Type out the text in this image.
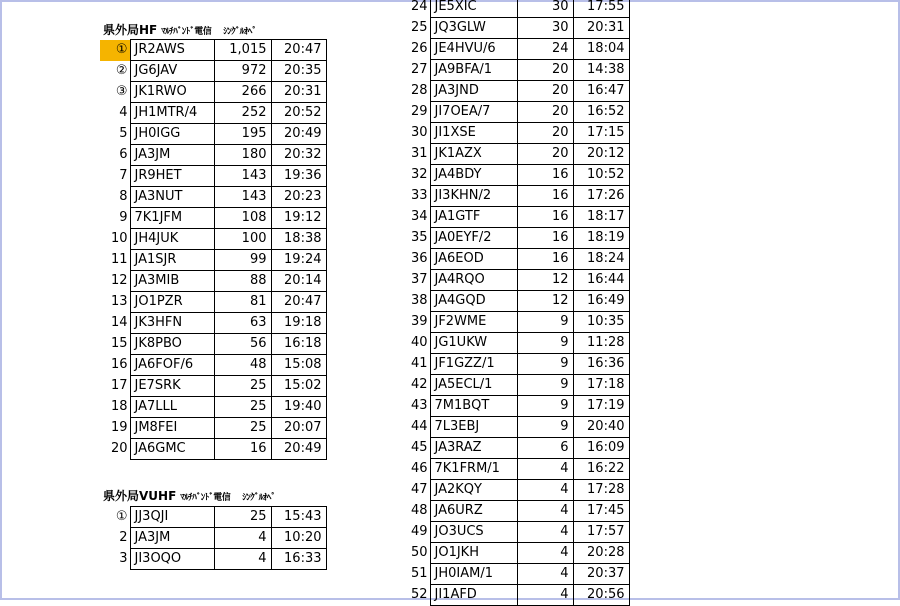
県外局HF ﾏﾙﾁﾊﾞﾝﾄﾞ電信 ｼﾝｸﾞﾙｵﾍﾟ
①	JR2AWS	1,015	20:47
②	JG6JAV	972	20:35
③	JK1RWO	266	20:31
4	JH1MTR/4	252	20:52
5	JH0IGG	195	20:49
6	JA3JM	180	20:32
7	JR9HET	143	19:36
8	JA3NUT	143	20:23
9	7K1JFM	108	19:12
10	JH4JUK	100	18:38
11	JA1SJR	99	19:24
12	JA3MIB	88	20:14
13	JO1PZR	81	20:47
14	JK3HFN	63	19:18
15	JK8PBO	56	16:18
16	JA6FOF/6	48	15:08
17	JE7SRK	25	15:02
18	JA7LLL	25	19:40
19	JM8FEI	25	20:07
20	JA6GMC	16	20:49
県外局VUHF ﾏﾙﾁﾊﾞﾝﾄﾞ電信 ｼﾝｸﾞﾙｵﾍﾟ
①	JJ3QJI	25	15:43
2	JA3JM	4	10:20
3	JI3OQO	4	16:33
24	JE5XIC	30	17:55
25	JQ3GLW	30	20:31
26	JE4HVU/6	24	18:04
27	JA9BFA/1	20	14:38
28	JA3JND	20	16:47
29	JI7OEA/7	20	16:52
30	JI1XSE	20	17:15
31	JK1AZX	20	20:12
32	JA4BDY	16	10:52
33	JI3KHN/2	16	17:26
34	JA1GTF	16	18:17
35	JA0EYF/2	16	18:19
36	JA6EOD	16	18:24
37	JA4RQO	12	16:44
38	JA4GQD	12	16:49
39	JF2WME	9	10:35
40	JG1UKW	9	11:28
41	JF1GZZ/1	9	16:36
42	JA5ECL/1	9	17:18
43	7M1BQT	9	17:19
44	7L3EBJ	9	20:40
45	JA3RAZ	6	16:09
46	7K1FRM/1	4	16:22
47	JA2KQY	4	17:28
48	JA6URZ	4	17:45
49	JO3UCS	4	17:57
50	JO1JKH	4	20:28
51	JH0IAM/1	4	20:37
52	JI1AFD	4	20:56
